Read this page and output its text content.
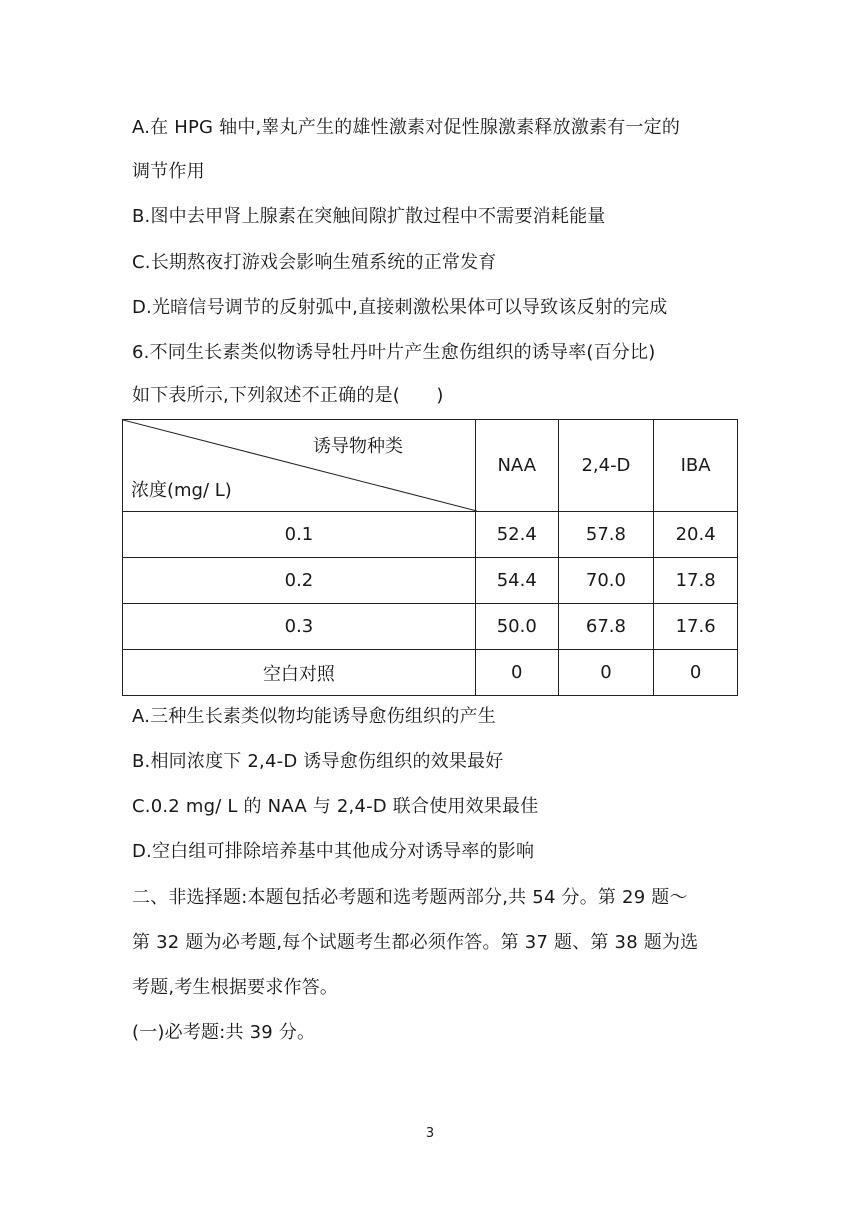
A.在 HPG 轴中,睾丸产生的雄性激素对促性腺激素释放激素有一定的
调节作用
B.图中去甲肾上腺素在突触间隙扩散过程中不需要消耗能量
C.长期熬夜打游戏会影响生殖系统的正常发育
D.光暗信号调节的反射弧中,直接刺激松果体可以导致该反射的完成
6.不同生长素类似物诱导牡丹叶片产生愈伤组织的诱导率(百分比)
如下表所示,下列叙述不正确的是(　　)
诱导物种类
浓度(mg/ L)	NAA	2,4-D	IBA
0.1	52.4	57.8	20.4
0.2	54.4	70.0	17.8
0.3	50.0	67.8	17.6
空白对照	0	0	0
A.三种生长素类似物均能诱导愈伤组织的产生
B.相同浓度下 2,4-D 诱导愈伤组织的效果最好
C.0.2 mg/ L 的 NAA 与 2,4-D 联合使用效果最佳
D.空白组可排除培养基中其他成分对诱导率的影响
二、非选择题:本题包括必考题和选考题两部分,共 54 分。第 29 题～
第 32 题为必考题,每个试题考生都必须作答。第 37 题、第 38 题为选
考题,考生根据要求作答。
(一)必考题:共 39 分。
3
